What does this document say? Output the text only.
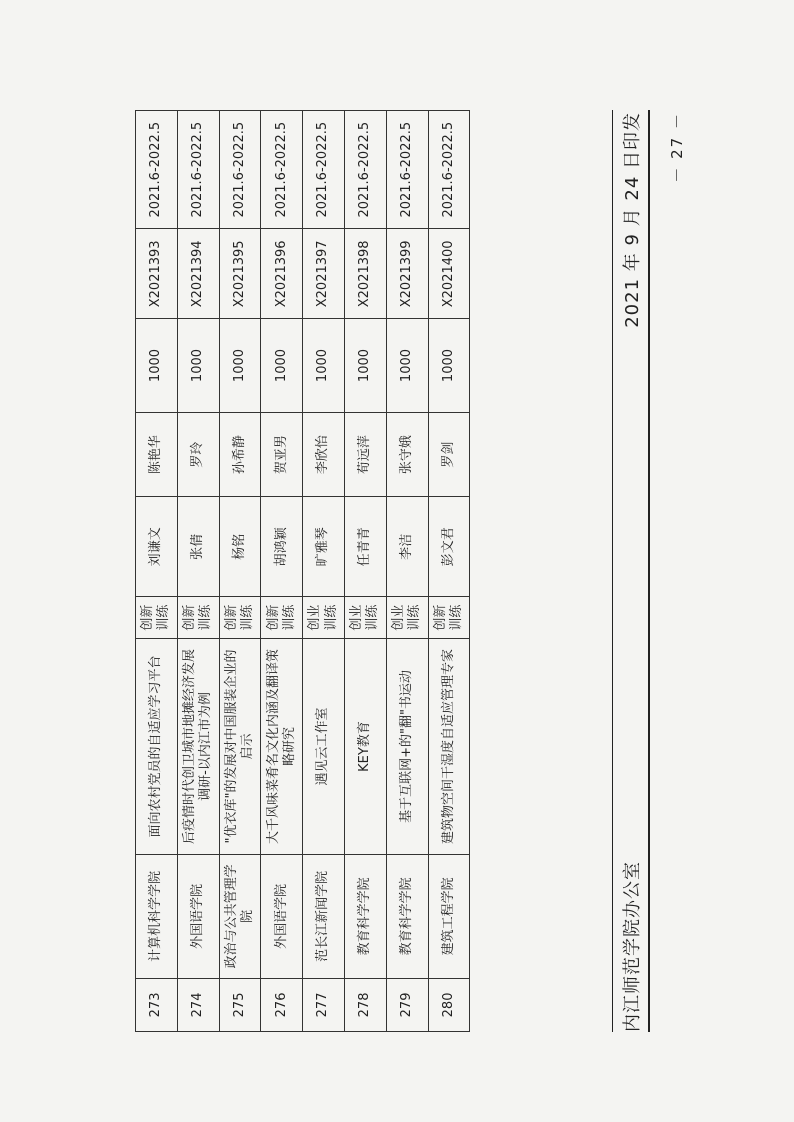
273	计算机科学学院	面向农村党员的自适应学习平台	创新训练	刘谦文	陈艳华	1000	X2021393	2021.6-2022.5
274	外国语学院	后疫情时代创卫城市地摊经济发展调研-以内江市为例	创新训练	张倩	罗玲	1000	X2021394	2021.6-2022.5
275	政治与公共管理学院	"优衣库"的发展对中国服装企业的启示	创新训练	杨铭	孙希静	1000	X2021395	2021.6-2022.5
276	外国语学院	大千风味菜肴名文化内涵及翻译策略研究	创新训练	胡鸿颖	贺亚男	1000	X2021396	2021.6-2022.5
277	范长江新闻学院	遇见云工作室	创业训练	旷雅琴	李欣怡	1000	X2021397	2021.6-2022.5
278	教育科学学院	KEY教育	创业训练	任青青	荀远萍	1000	X2021398	2021.6-2022.5
279	教育科学学院	基于互联网+的"翻"书运动	创业训练	李洁	张守娥	1000	X2021399	2021.6-2022.5
280	建筑工程学院	建筑物空间干湿度自适应管理专家	创新训练	彭文君	罗剑	1000	X2021400	2021.6-2022.5
内江师范学院办公室
2021 年 9 月 24 日印发 － 27 －
